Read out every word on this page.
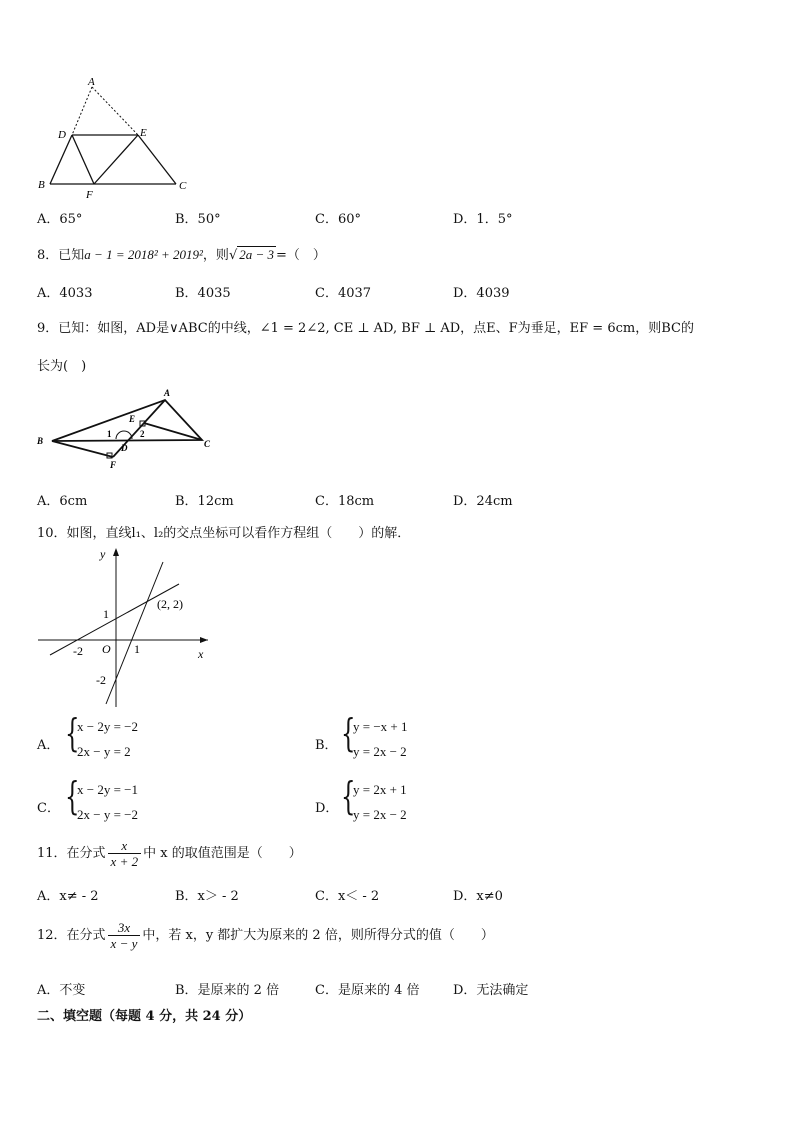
A
D	E
B
F
C
A．65°	B．50°	C．60°	D．1．5°
8．已知a − 1 = 2018² + 2019²，则√ 2a − 3 =（　）
A．4033	B．4035	C．4037	D．4039
9．已知：如图，AD是∨ABC的中线，∠1 = 2∠2, CE ⊥ AD, BF ⊥ AD，点E、F为垂足，EF = 6cm，则BC的
长为(　)
A
B	C
D
E
F
1	2
A．6cm	B．12cm	C．18cm	D．24cm
10．如图，直线l₁、l₂的交点坐标可以看作方程组（　　）的解．
y
x
1
O
-2	1
-2
(2, 2)
A． {
x − 2y = −2
2x − y = 2	B． {
y = −x + 1
y = 2x − 2
C． {
x − 2y = −1
2x − y = −2	D． {
y = 2x + 1
y = 2x − 2
11．在分式 $\frac{x}{x + 2}$ 中 x 的取值范围是（　　）
A．x≠ - 2	B．x＞ - 2	C．x＜ - 2	D．x≠0
12．在分式 $\frac{3x}{x - y}$ 中，若 x，y 都扩大为原来的 2 倍，则所得分式的值（　　）
A．不变	B．是原来的 2 倍	C．是原来的 4 倍	D．无法确定
二、填空题（每题 4 分，共 24 分）
